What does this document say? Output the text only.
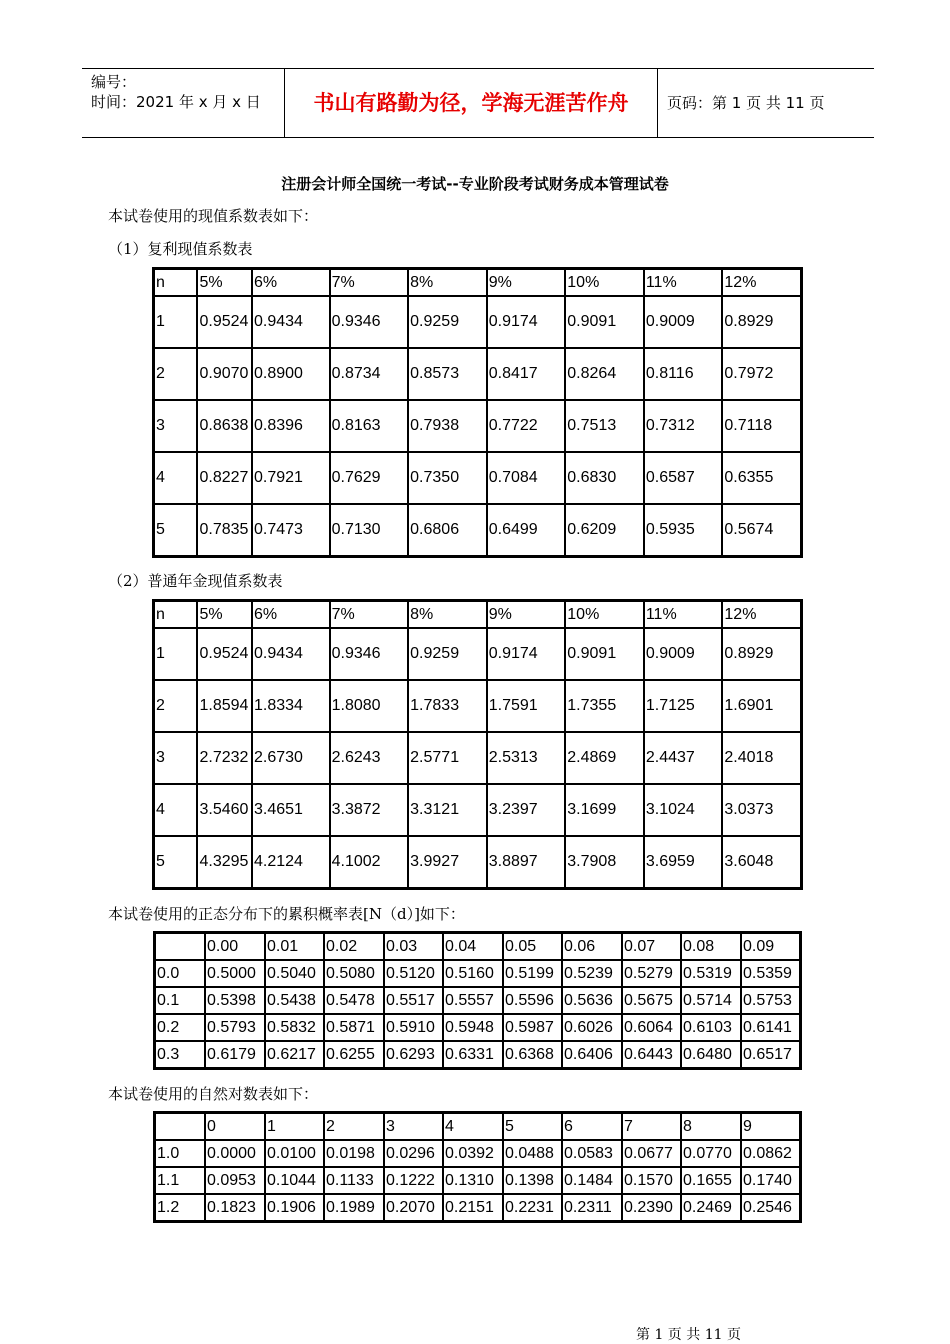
编号：
时间：2021 年 x 月 x 日	书山有路勤为径，学海无涯苦作舟	页码：第 1 页 共 11 页
注册会计师全国统一考试--专业阶段考试财务成本管理试卷
本试卷使用的现值系数表如下：
（1）复利现值系数表
n	5%	6%	7%	8%	9%	10%	11%	12%
1	0.9524	0.9434	0.9346	0.9259	0.9174	0.9091	0.9009	0.8929
2	0.9070	0.8900	0.8734	0.8573	0.8417	0.8264	0.8116	0.7972
3	0.8638	0.8396	0.8163	0.7938	0.7722	0.7513	0.7312	0.7118
4	0.8227	0.7921	0.7629	0.7350	0.7084	0.6830	0.6587	0.6355
5	0.7835	0.7473	0.7130	0.6806	0.6499	0.6209	0.5935	0.5674
（2）普通年金现值系数表
n	5%	6%	7%	8%	9%	10%	11%	12%
1	0.9524	0.9434	0.9346	0.9259	0.9174	0.9091	0.9009	0.8929
2	1.8594	1.8334	1.8080	1.7833	1.7591	1.7355	1.7125	1.6901
3	2.7232	2.6730	2.6243	2.5771	2.5313	2.4869	2.4437	2.4018
4	3.5460	3.4651	3.3872	3.3121	3.2397	3.1699	3.1024	3.0373
5	4.3295	4.2124	4.1002	3.9927	3.8897	3.7908	3.6959	3.6048
本试卷使用的正态分布下的累积概率表[N（d）]如下：
	0.00	0.01	0.02	0.03	0.04	0.05	0.06	0.07	0.08	0.09
0.0	0.5000	0.5040	0.5080	0.5120	0.5160	0.5199	0.5239	0.5279	0.5319	0.5359
0.1	0.5398	0.5438	0.5478	0.5517	0.5557	0.5596	0.5636	0.5675	0.5714	0.5753
0.2	0.5793	0.5832	0.5871	0.5910	0.5948	0.5987	0.6026	0.6064	0.6103	0.6141
0.3	0.6179	0.6217	0.6255	0.6293	0.6331	0.6368	0.6406	0.6443	0.6480	0.6517
本试卷使用的自然对数表如下：
	0	1	2	3	4	5	6	7	8	9
1.0	0.0000	0.0100	0.0198	0.0296	0.0392	0.0488	0.0583	0.0677	0.0770	0.0862
1.1	0.0953	0.1044	0.1133	0.1222	0.1310	0.1398	0.1484	0.1570	0.1655	0.1740
1.2	0.1823	0.1906	0.1989	0.2070	0.2151	0.2231	0.2311	0.2390	0.2469	0.2546
第 1 页 共 11 页
